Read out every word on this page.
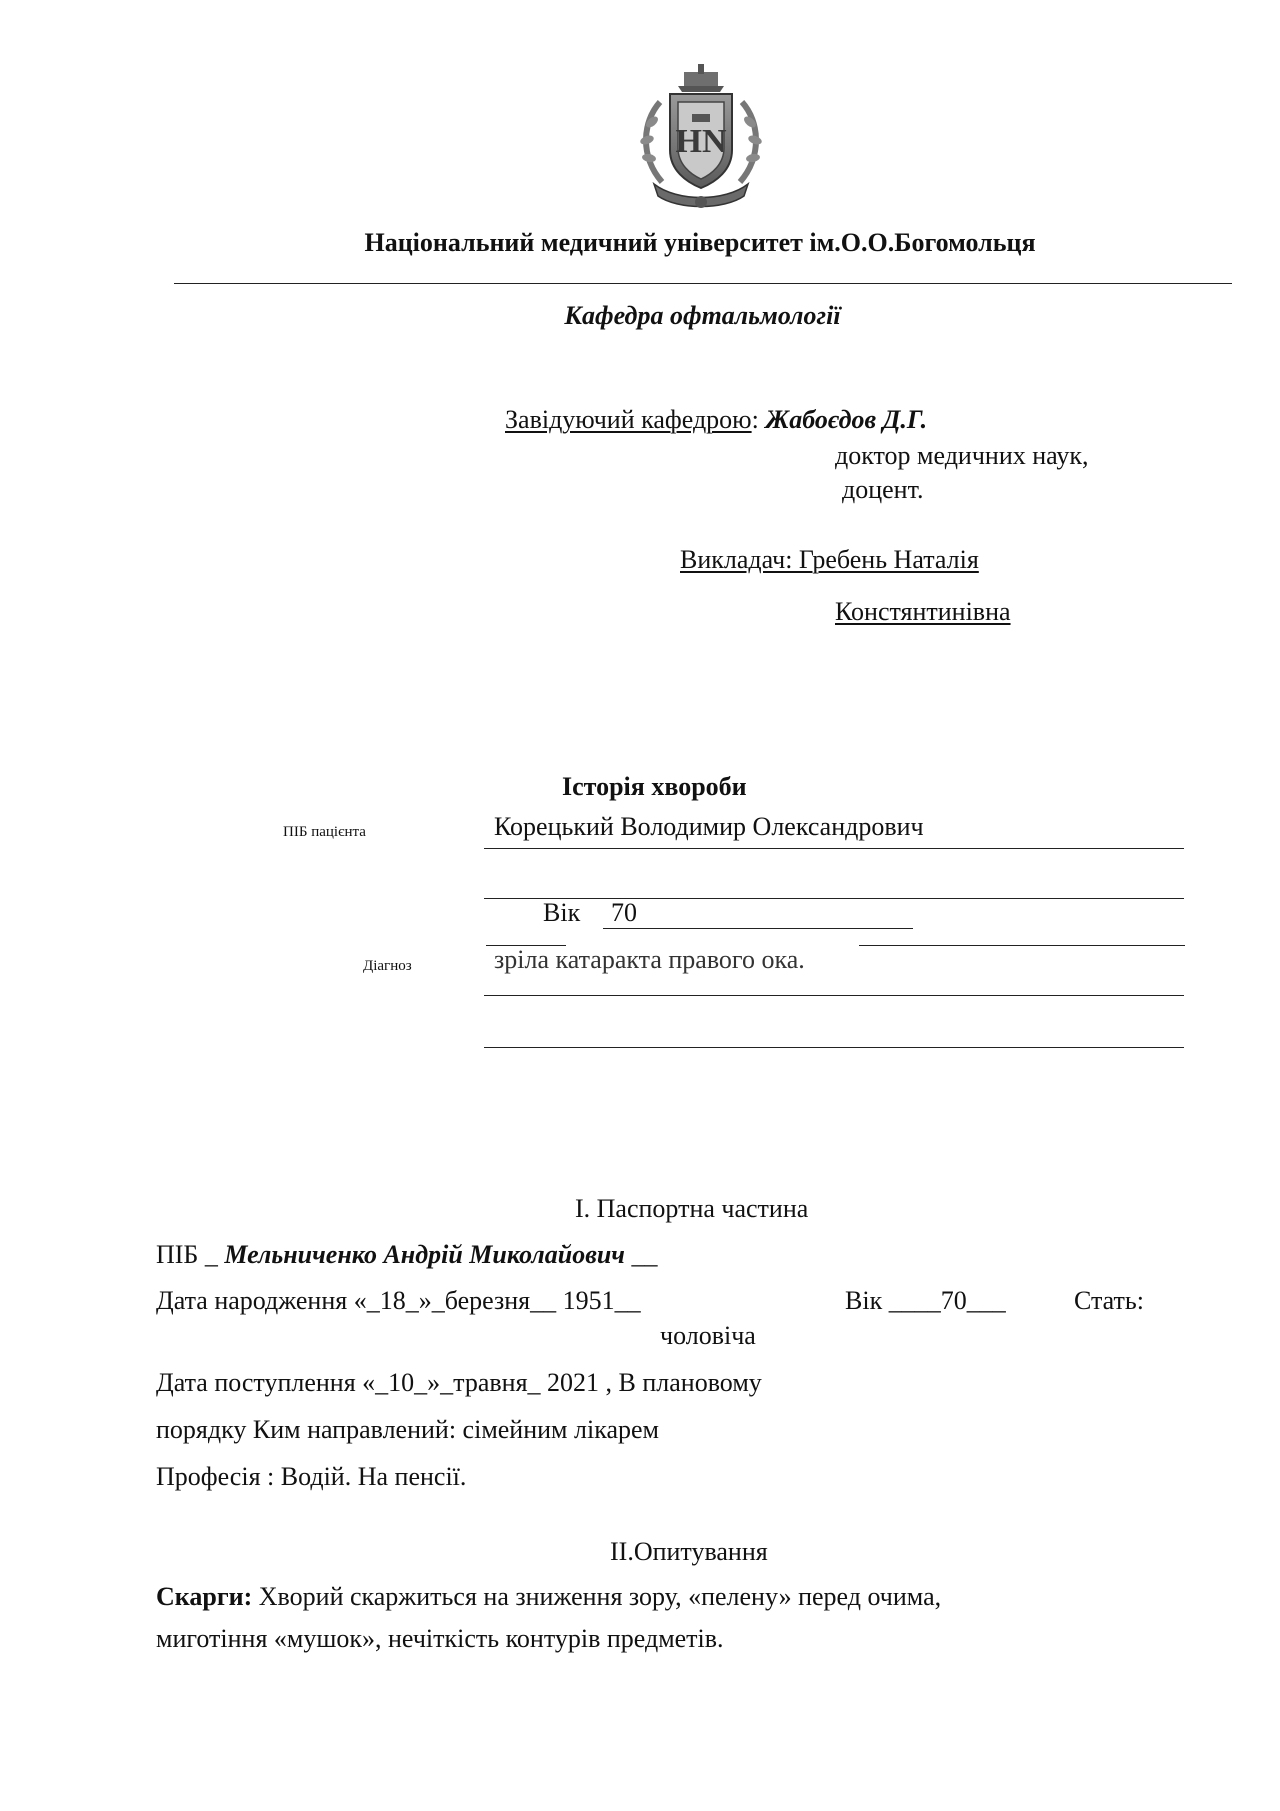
HN
Національний медичний університет ім.О.О.Богомольця
Кафедра офтальмології
Завідуючий кафедрою: Жабоєдов Д.Г.
доктор медичних наук,
доцент.
Викладач: Гребень Наталія
Констянтинівна
Історія хвороби
ПІБ пацієнта	Корецький Володимир Олександрович
Вік 70
Діагноз	зріла катаракта правого ока.
І. Паспортна частина
ПІБ _ Мельниченко Андрій Миколайович __
Дата народження «_18_»_березня__ 1951__	Вік ____70___	Стать:
чоловіча
Дата поступлення «_10_»_травня_ 2021 , В плановому
порядку Ким направлений: сімейним лікарем
Професія : Водій. На пенсії.
ІІ.Опитування
Скарги: Хворий скаржиться на зниження зору, «пелену» перед очима,
миготіння «мушок», нечіткість контурів предметів.
